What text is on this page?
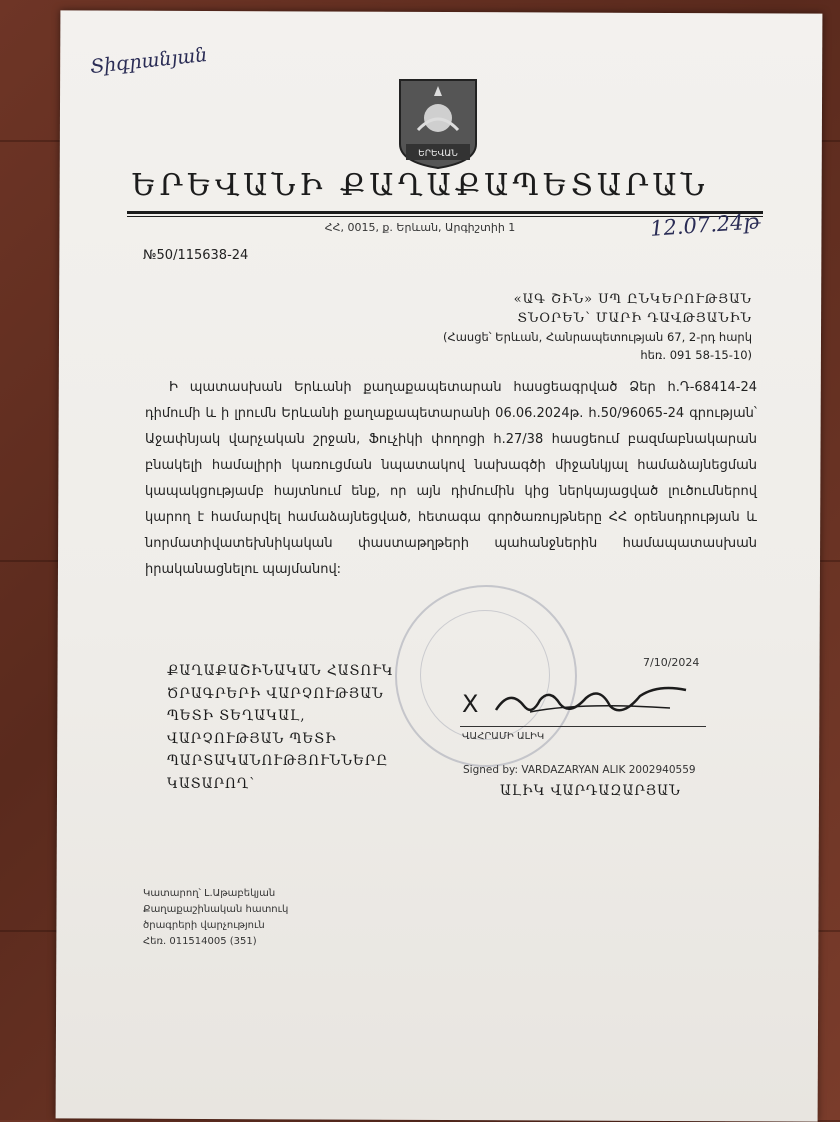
Տիգրանյան
ԵՐԵՎԱՆ
ԵՐԵՎԱՆԻ ՔԱՂԱՔԱՊԵՏԱՐԱՆ
ՀՀ, 0015, ք. Երևան, Արգիշտիի 1	12.07.24թ
№50/115638-24
«ԱԳ ՇԻՆ» ՍՊ ԸՆԿԵՐՈՒԹՅԱՆ
ՏՆՕՐԵՆ՝ ՄԱՐԻ ԴԱՎԹՅԱՆԻՆ
(Հասցե՝ Երևան, Հանրապետության 67, 2-րդ հարկ
հեռ. 091 58-15-10)
Ի պատասխան Երևանի քաղաքապետարան հասցեագրված Ձեր հ.Դ-68414-24 դիմումի և ի լրումն Երևանի քաղաքապետարանի 06.06.2024թ. հ.50/96065-24 գրության՝ Աջափնյակ վարչական շրջան, Ֆուչիկի փողոցի հ.27/38 հասցեում բազմաբնակարան բնակելի համալիրի կառուցման նպատակով նախագծի միջանկյալ համաձայնեցման կապակցությամբ հայտնում ենք, որ այն դիմումին կից ներկայացված լուծումներով կարող է համարվել համաձայնեցված, հետագա գործառույթները ՀՀ օրենսդրության և նորմատիվատեխնիկական փաստաթղթերի պահանջներին համապատասխան իրականացնելու պայմանով:
ՔԱՂԱՔԱՇԻՆԱԿԱՆ ՀԱՏՈՒԿ
ԾՐԱԳՐԵՐԻ ՎԱՐՉՈՒԹՅԱՆ
ՊԵՏԻ ՏԵՂԱԿԱԼ,
ՎԱՐՉՈՒԹՅԱՆ ՊԵՏԻ
ՊԱՐՏԱԿԱՆՈՒԹՅՈՒՆՆԵՐԸ
ԿԱՏԱՐՈՂ՝
7/10/2024
X
ՎԱՀՐԱՄԻ ԱԼԻԿ
Signed by: VARDAZARYAN ALIK 2002940559
ԱԼԻԿ ՎԱՐԴԱԶԱՐՅԱՆ
Կատարող՝ Լ.Աթաբեկյան
Քաղաքաշինական հատուկ
ծրագրերի վարչություն
Հեռ. 011514005 (351)
